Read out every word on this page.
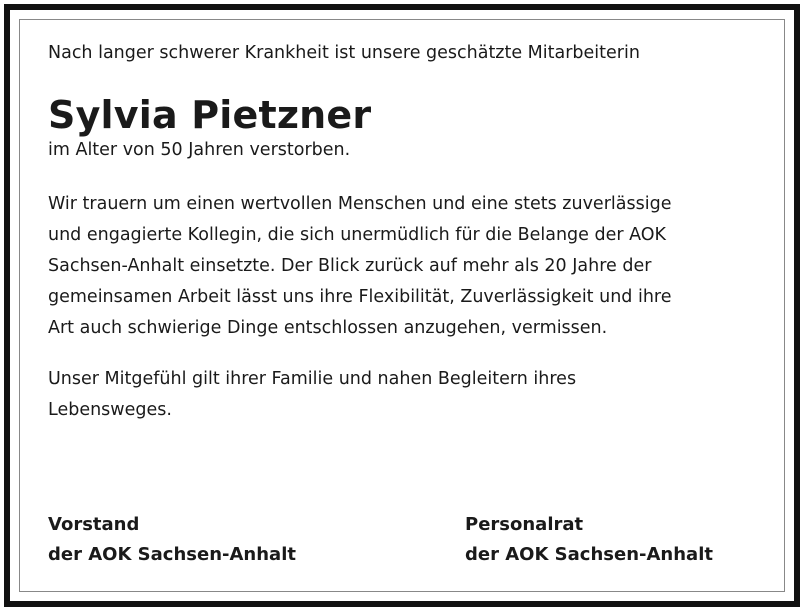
Nach langer schwerer Krankheit ist unsere geschätzte Mitarbeiterin

Sylvia Pietzner

im Alter von 50 Jahren verstorben.

Wir trauern um einen wertvollen Menschen und eine stets zuverlässige
und engagierte Kollegin, die sich unermüdlich für die Belange der AOK
Sachsen-Anhalt einsetzte. Der Blick zurück auf mehr als 20 Jahre der
gemeinsamen Arbeit lässt uns ihre Flexibilität, Zuverlässigkeit und ihre
Art auch schwierige Dinge entschlossen anzugehen, vermissen.

Unser Mitgefühl gilt ihrer Familie und nahen Begleitern ihres
Lebensweges.

Vorstand
der AOK Sachsen-Anhalt
Personalrat
der AOK Sachsen-Anhalt
